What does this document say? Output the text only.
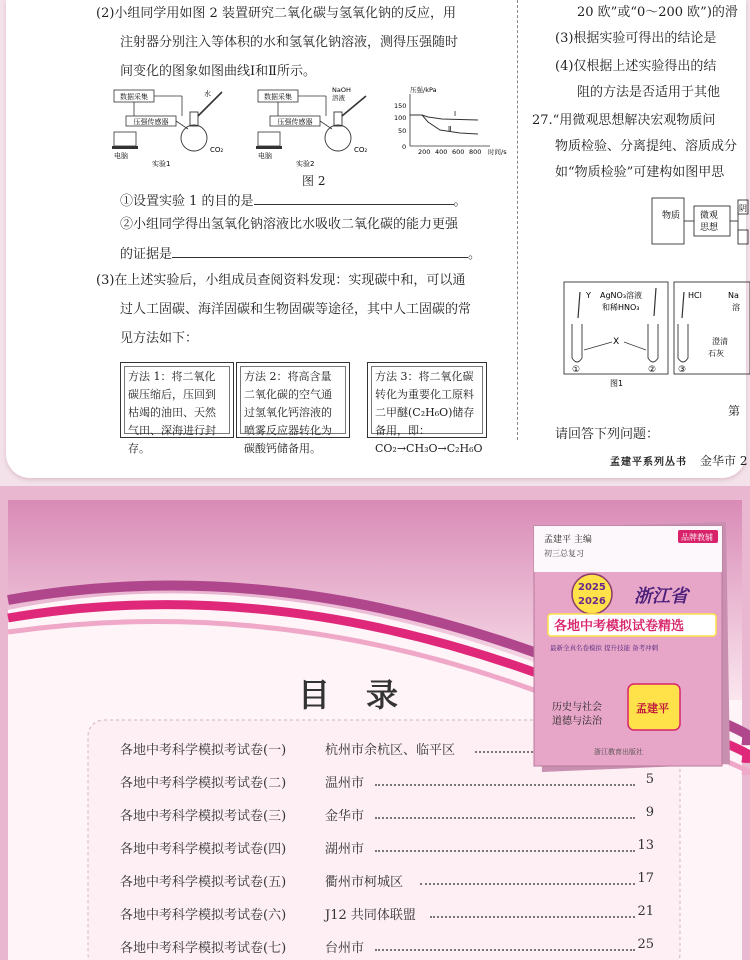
(2)小组同学用如图 2 装置研究二氧化碳与氢氧化钠的反应，用
注射器分别注入等体积的水和氢氧化钠溶液，测得压强随时
间变化的图象如图曲线Ⅰ和Ⅱ所示。
数据采集
压强传感器
电脑
水
CO₂
实验1
数据采集
压强传感器
电脑
NaOH
溶液
CO₂
实验2
压强/kPa
150
100
50
0
200 400 600 800 时间/s
Ⅰ
Ⅱ
图 2
①设置实验 1 的目的是	。
②小组同学得出氢氧化钠溶液比水吸收二氧化碳的能力更强
的证据是	。
(3)在上述实验后，小组成员查阅资料发现：实现碳中和，可以通
过人工固碳、海洋固碳和生物固碳等途径，其中人工固碳的常
见方法如下：
方法 1：将二氧化碳压缩后，压回到枯竭的油田、天然气田、深海进行封存。
方法 2：将高含量二氧化碳的空气通过氢氧化钙溶液的喷雾反应器转化为碳酸钙储备用。
方法 3：将二氧化碳转化为重要化工原料二甲醚(C₂H₆O)储存备用，即：CO₂→CH₃O→C₂H₆O
20 欧”或“0～200 欧”)的滑
(3)根据实验可得出的结论是
(4)仅根据上述实验得出的结
阻的方法是否适用于其他
27.“用微观思想解决宏观物质问
物质检验、分离提纯、溶质成分
如“物质检验”可建构如图甲思
物质 微观
思想
阴
Y AgNO₃溶液
和稀HNO₃
X
①	②
图1
HCl	Na
溶
澄清
石灰
③
第
请回答下列问题：
孟建平系列丛书 金华市 2
目录
各地中考科学模拟考试卷(一)	杭州市余杭区、临平区
各地中考科学模拟考试卷(二)	温州市	5
各地中考科学模拟考试卷(三)	金华市	9
各地中考科学模拟考试卷(四)	湖州市	13
各地中考科学模拟考试卷(五)	衢州市柯城区	17
各地中考科学模拟考试卷(六)	J12 共同体联盟	21
各地中考科学模拟考试卷(七)	台州市	25
孟建平 主编
初三总复习
品牌教辅
2025
2026 浙江省
各地中考模拟试卷精选
最新全真名卷模拟 提升技能 备考冲刺
历史与社会
道德与法治
孟建平
浙江教育出版社
